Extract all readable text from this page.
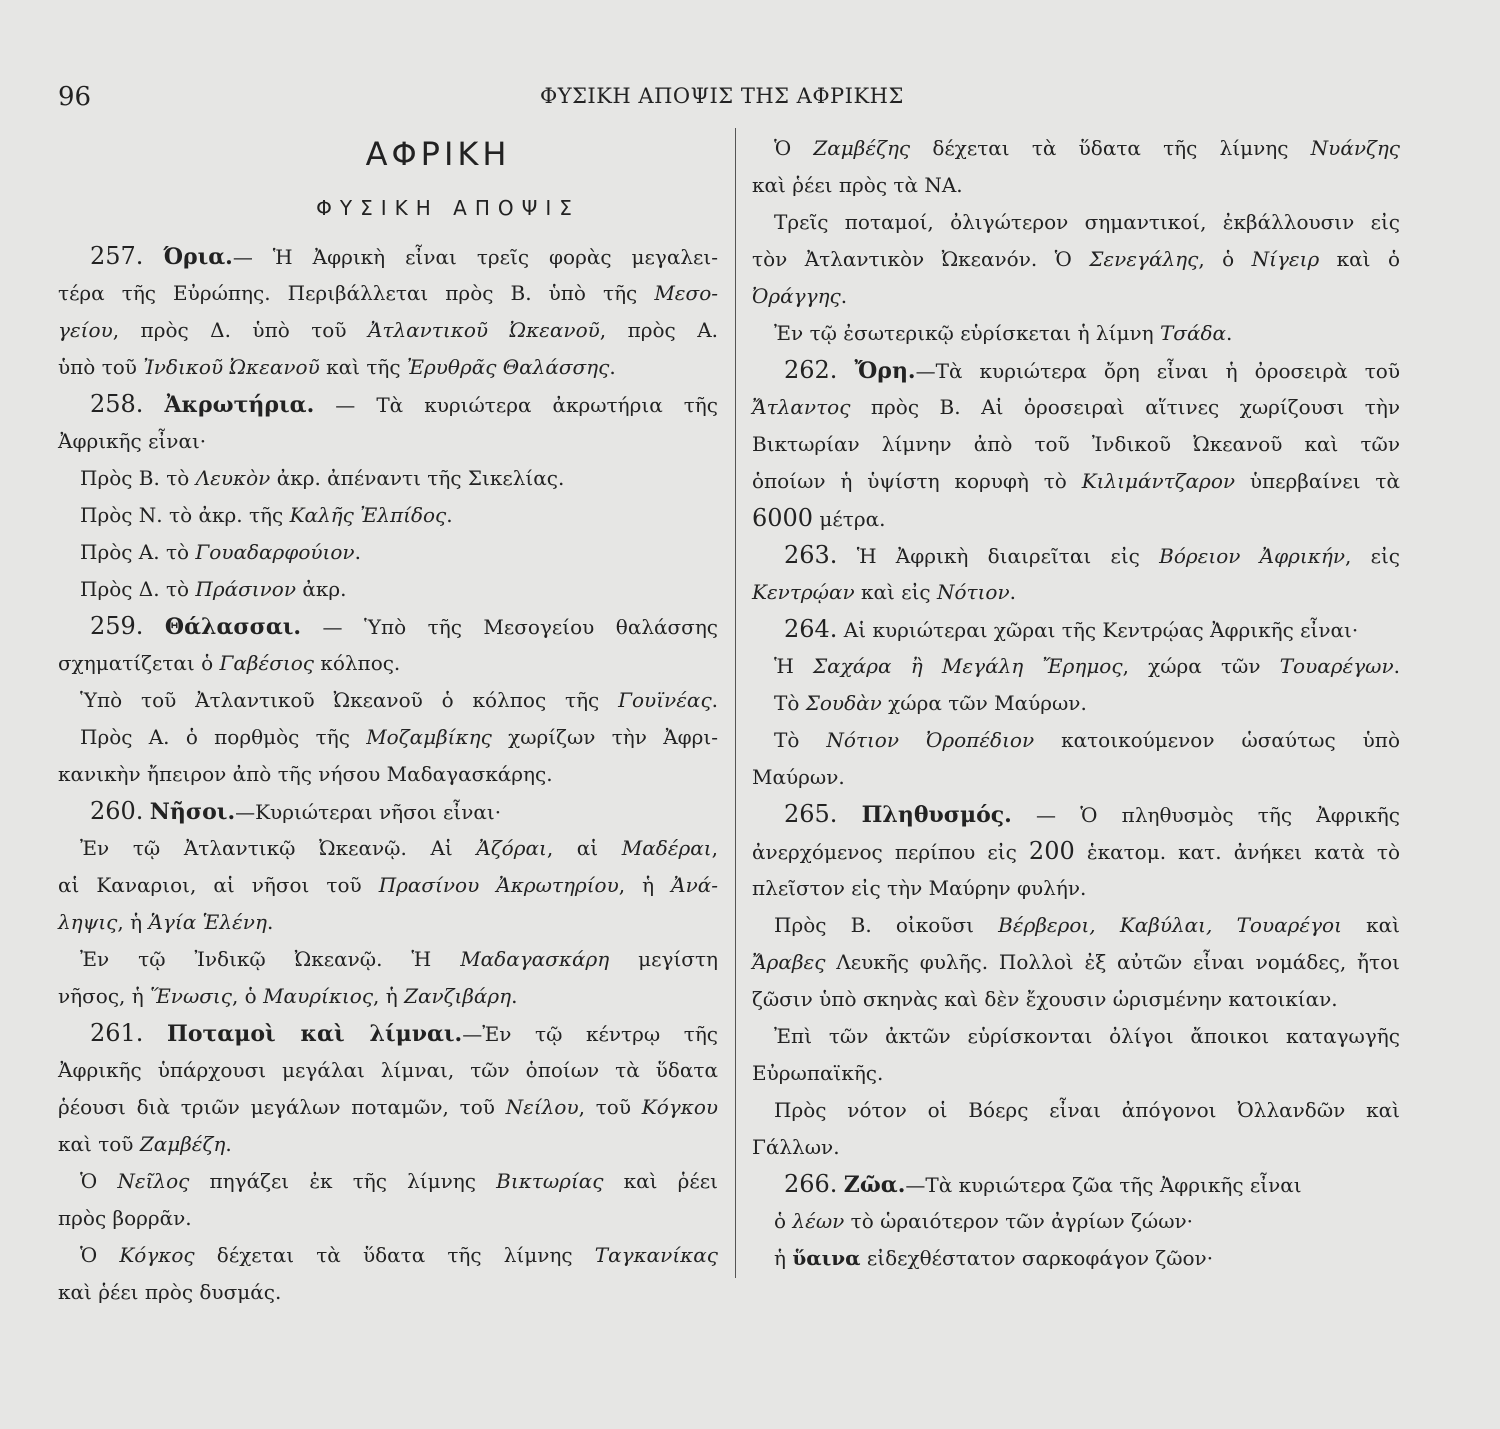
96	ΦΥΣΙΚΗ ΑΠΟΨΙΣ ΤΗΣ ΑΦΡΙΚΗΣ
ΑΦΡΙΚΗ
ΦΥΣΙΚΗ ΑΠΟΨΙΣ
257. Όρια.— Ἡ Ἀφρικὴ εἶναι τρεῖς φορὰς μεγαλει-
τέρα τῆς Εὐρώπης. Περιβάλλεται πρὸς Β. ὑπὸ τῆς Μεσο-
γείου, πρὸς Δ. ὑπὸ τοῦ Ἀτλαντικοῦ Ὠκεανοῦ, πρὸς Α.
ὑπὸ τοῦ Ἰνδικοῦ Ὠκεανοῦ καὶ τῆς Ἐρυθρᾶς Θαλάσσης.
258. Ἀκρωτήρια. — Τὰ κυριώτερα ἀκρωτήρια τῆς
Ἀφρικῆς εἶναι·
Πρὸς Β. τὸ Λευκὸν ἀκρ. ἀπέναντι τῆς Σικελίας.
Πρὸς Ν. τὸ ἀκρ. τῆς Καλῆς Ἐλπίδος.
Πρὸς Α. τὸ Γουαδαρφούιον.
Πρὸς Δ. τὸ Πράσινον ἀκρ.
259. Θάλασσαι. — Ὑπὸ τῆς Μεσογείου θαλάσσης
σχηματίζεται ὁ Γαβέσιος κόλπος.
Ὑπὸ τοῦ Ἀτλαντικοῦ Ὠκεανοῦ ὁ κόλπος τῆς Γουϊνέας.
Πρὸς Α. ὁ πορθμὸς τῆς Μοζαμβίκης χωρίζων τὴν Ἀφρι-
κανικὴν ἤπειρον ἀπὸ τῆς νήσου Μαδαγασκάρης.
260. Νῆσοι.—Κυριώτεραι νῆσοι εἶναι·
Ἐν τῷ Ἀτλαντικῷ Ὠκεανῷ. Αἱ Ἀζόραι, αἱ Μαδέραι,
αἱ Καναριοι, αἱ νῆσοι τοῦ Πρασίνου Ἀκρωτηρίου, ἡ Ἀνά-
ληψις, ἡ Ἁγία Ἑλένη.
Ἐν τῷ Ἰνδικῷ Ὠκεανῷ. Ἡ Μαδαγασκάρη μεγίστη
νῆσος, ἡ Ἕνωσις, ὁ Μαυρίκιος, ἡ Ζανζιβάρη.
261. Ποταμοὶ καὶ λίμναι.—Ἐν τῷ κέντρῳ τῆς
Ἀφρικῆς ὑπάρχουσι μεγάλαι λίμναι, τῶν ὁποίων τὰ ὕδατα
ῥέουσι διὰ τριῶν μεγάλων ποταμῶν, τοῦ Νείλου, τοῦ Κόγκου
καὶ τοῦ Ζαμβέζη.
Ὁ Νεῖλος πηγάζει ἐκ τῆς λίμνης Βικτωρίας καὶ ῥέει
πρὸς βορρᾶν.
Ὁ Κόγκος δέχεται τὰ ὕδατα τῆς λίμνης Ταγκανίκας
καὶ ῥέει πρὸς δυσμάς.
Ὁ Ζαμβέζης δέχεται τὰ ὕδατα τῆς λίμνης Νυάνζης
καὶ ῥέει πρὸς τὰ ΝΑ.
Τρεῖς ποταμοί, ὀλιγώτερον σημαντικοί, ἐκβάλλουσιν εἰς
τὸν Ἀτλαντικὸν Ὠκεανόν. Ὁ Σενεγάλης, ὁ Νίγειρ καὶ ὁ
Ὀράγγης.
Ἐν τῷ ἐσωτερικῷ εὑρίσκεται ἡ λίμνη Τσάδα.
262. Ὄρη.—Τὰ κυριώτερα ὄρη εἶναι ἡ ὀροσειρὰ τοῦ
Ἄτλαντος πρὸς Β. Αἱ ὀροσειραὶ αἵτινες χωρίζουσι τὴν
Βικτωρίαν λίμνην ἀπὸ τοῦ Ἰνδικοῦ Ὠκεανοῦ καὶ τῶν
ὁποίων ἡ ὑψίστη κορυφὴ τὸ Κιλιμάντζαρον ὑπερβαίνει τὰ
6000 μέτρα.
263. Ἡ Ἀφρικὴ διαιρεῖται εἰς Βόρειον Ἀφρικήν, εἰς
Κεντρῴαν καὶ εἰς Νότιον.
264. Αἱ κυριώτεραι χῶραι τῆς Κεντρῴας Ἀφρικῆς εἶναι·
Ἡ Σαχάρα ἢ Μεγάλη Ἔρημος, χώρα τῶν Τουαρέγων.
Τὸ Σουδὰν χώρα τῶν Μαύρων.
Τὸ Νότιον Ὀροπέδιον κατοικούμενον ὡσαύτως ὑπὸ
Μαύρων.
265. Πληθυσμός. — Ὁ πληθυσμὸς τῆς Ἀφρικῆς
ἀνερχόμενος περίπου εἰς 200 ἑκατομ. κατ. ἀνήκει κατὰ τὸ
πλεῖστον εἰς τὴν Μαύρην φυλήν.
Πρὸς Β. οἰκοῦσι Βέρβεροι, Καβύλαι, Τουαρέγοι καὶ
Ἄραβες Λευκῆς φυλῆς. Πολλοὶ ἐξ αὐτῶν εἶναι νομάδες, ἤτοι
ζῶσιν ὑπὸ σκηνὰς καὶ δὲν ἔχουσιν ὡρισμένην κατοικίαν.
Ἐπὶ τῶν ἀκτῶν εὑρίσκονται ὀλίγοι ἄποικοι καταγωγῆς
Εὐρωπαϊκῆς.
Πρὸς νότον οἱ Βόερς εἶναι ἀπόγονοι Ὀλλανδῶν καὶ
Γάλλων.
266. Ζῶα.—Τὰ κυριώτερα ζῶα τῆς Ἀφρικῆς εἶναι
ὁ λέων τὸ ὡραιότερον τῶν ἀγρίων ζώων·
ἡ ὕαινα εἰδεχθέστατον σαρκοφάγον ζῶον·
